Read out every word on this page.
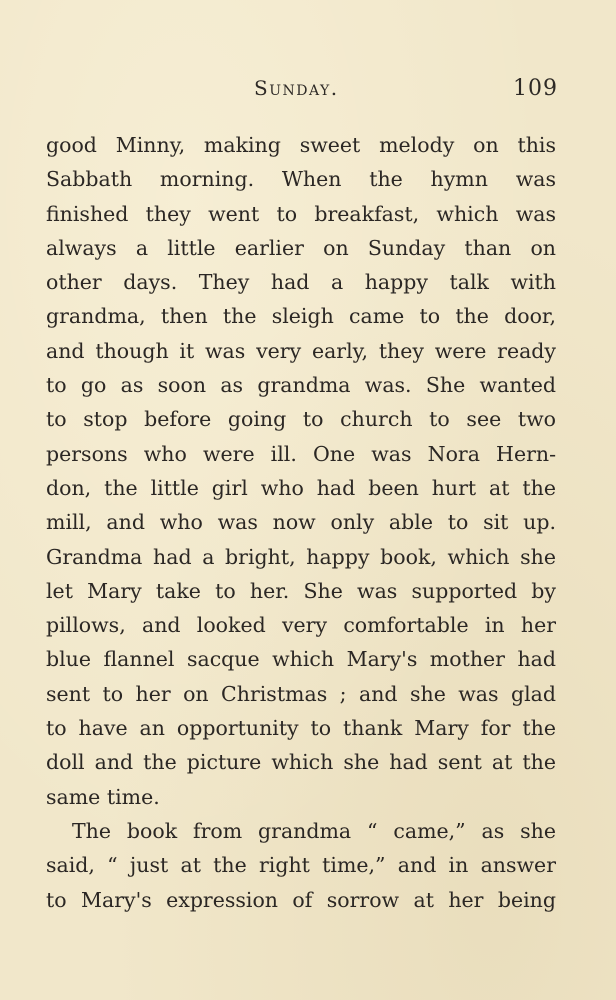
Sunday.	109
good Minny, making sweet melody on this
Sabbath morning. When the hymn was
finished they went to breakfast, which was
always a little earlier on Sunday than on
other days. They had a happy talk with
grandma, then the sleigh came to the door,
and though it was very early, they were ready
to go as soon as grandma was. She wanted
to stop before going to church to see two
persons who were ill. One was Nora Hern-
don, the little girl who had been hurt at the
mill, and who was now only able to sit up.
Grandma had a bright, happy book, which she
let Mary take to her. She was supported by
pillows, and looked very comfortable in her
blue flannel sacque which Mary's mother had
sent to her on Christmas ; and she was glad
to have an opportunity to thank Mary for the
doll and the picture which she had sent at the
same time.
The book from grandma “ came,” as she
said, “ just at the right time,” and in answer
to Mary's expression of sorrow at her being
